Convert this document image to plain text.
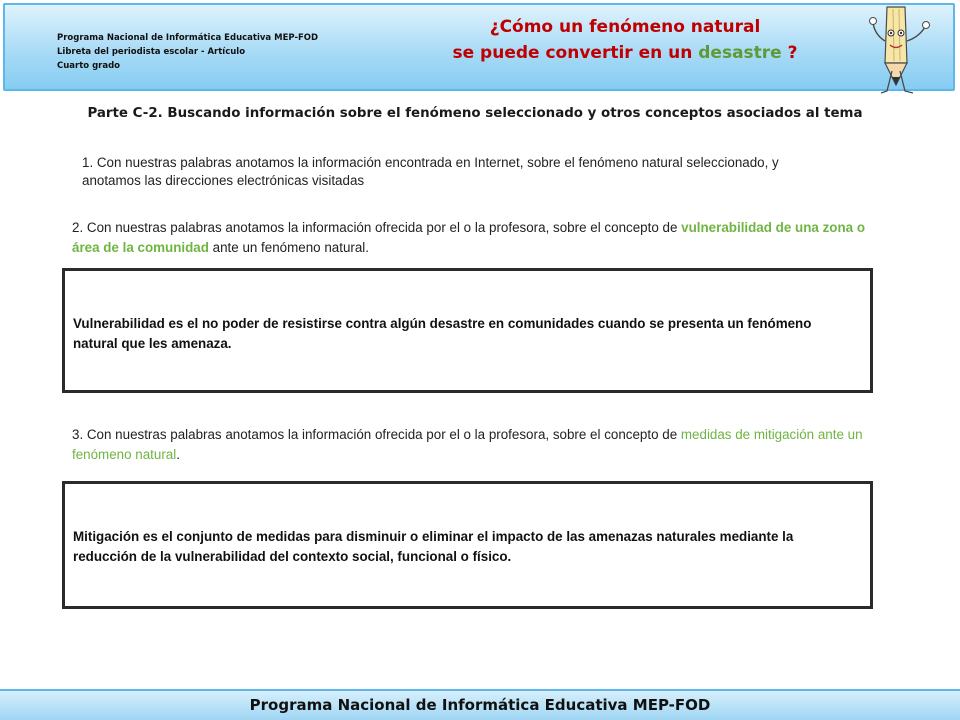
Programa Nacional de Informática Educativa MEP-FOD
Libreta del periodista escolar - Artículo
Cuarto grado
¿Cómo un fenómeno natural
se puede convertir en un desastre ?
Parte C-2. Buscando información sobre el fenómeno seleccionado y otros conceptos asociados al tema
1. Con nuestras palabras anotamos la información encontrada en Internet, sobre el fenómeno natural seleccionado, y anotamos las direcciones electrónicas visitadas
2. Con nuestras palabras anotamos la información ofrecida por el o la profesora, sobre el concepto de vulnerabilidad de una zona o área de la comunidad ante un fenómeno natural.
Vulnerabilidad es el no poder de resistirse contra algún desastre en comunidades cuando se presenta un fenómeno natural que les amenaza.
3. Con nuestras palabras anotamos la información ofrecida por el o la profesora, sobre el concepto de medidas de mitigación ante un fenómeno natural.
Mitigación es el conjunto de medidas para disminuir o eliminar el impacto de las amenazas naturales mediante la reducción de la vulnerabilidad del contexto social, funcional o físico.
Programa Nacional de Informática Educativa MEP-FOD
